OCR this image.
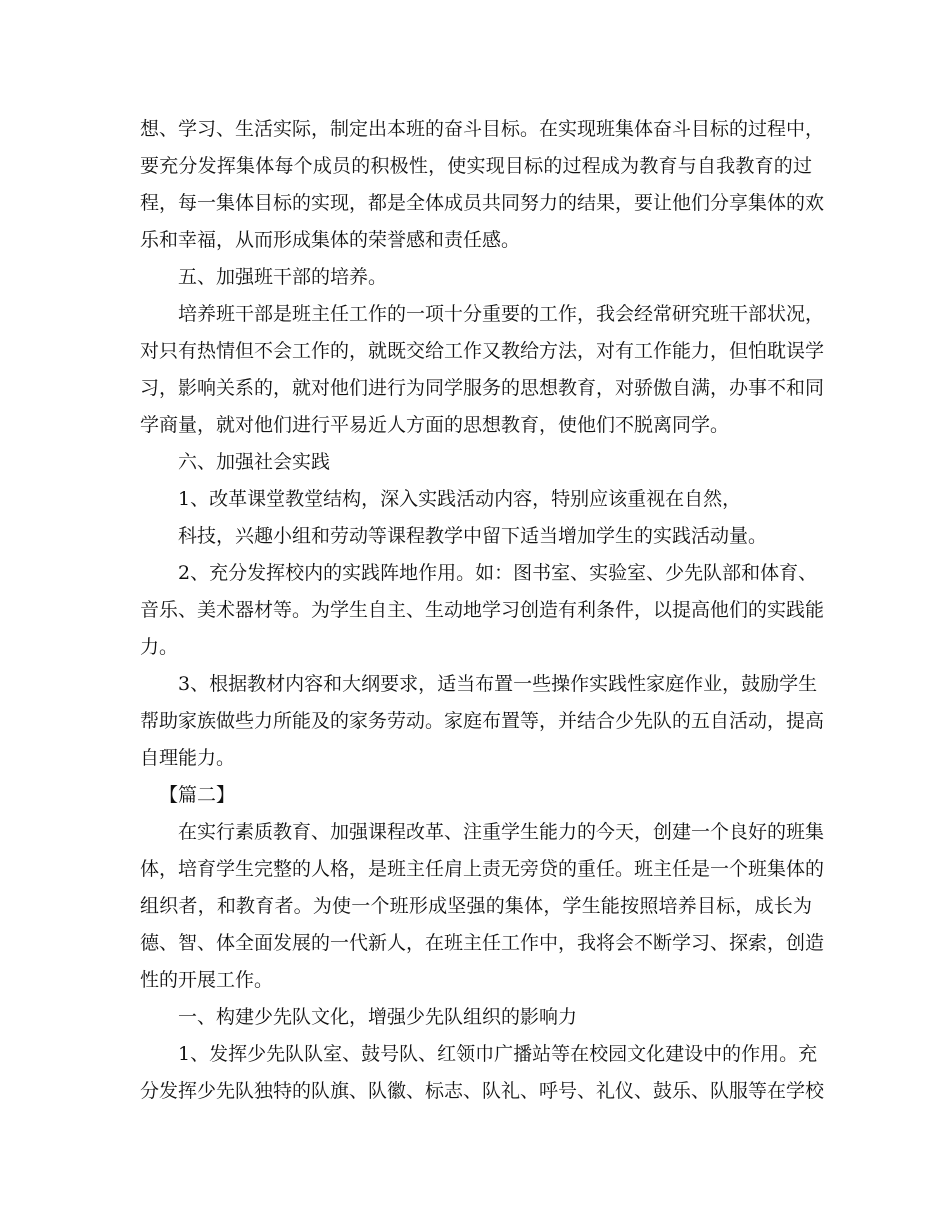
想、学习、生活实际，制定出本班的奋斗目标。在实现班集体奋斗目标的过程中，
要充分发挥集体每个成员的积极性，使实现目标的过程成为教育与自我教育的过
程，每一集体目标的实现，都是全体成员共同努力的结果，要让他们分享集体的欢
乐和幸福，从而形成集体的荣誉感和责任感。

五、加强班干部的培养。

培养班干部是班主任工作的一项十分重要的工作，我会经常研究班干部状况，
对只有热情但不会工作的，就既交给工作又教给方法，对有工作能力，但怕耽误学
习，影响关系的，就对他们进行为同学服务的思想教育，对骄傲自满，办事不和同
学商量，就对他们进行平易近人方面的思想教育，使他们不脱离同学。

六、加强社会实践

1、改革课堂教堂结构，深入实践活动内容，特别应该重视在自然，

科技，兴趣小组和劳动等课程教学中留下适当增加学生的实践活动量。

2、充分发挥校内的实践阵地作用。如：图书室、实验室、少先队部和体育、
音乐、美术器材等。为学生自主、生动地学习创造有利条件，以提高他们的实践能
力。

3、根据教材内容和大纲要求，适当布置一些操作实践性家庭作业，鼓励学生
帮助家族做些力所能及的家务劳动。家庭布置等，并结合少先队的五自活动，提高
自理能力。

【篇二】

在实行素质教育、加强课程改革、注重学生能力的今天，创建一个良好的班集
体，培育学生完整的人格，是班主任肩上责无旁贷的重任。班主任是一个班集体的
组织者，和教育者。为使一个班形成坚强的集体，学生能按照培养目标，成长为
德、智、体全面发展的一代新人，在班主任工作中，我将会不断学习、探索，创造
性的开展工作。

一、构建少先队文化，增强少先队组织的影响力

1、发挥少先队队室、鼓号队、红领巾广播站等在校园文化建设中的作用。充
分发挥少先队独特的队旗、队徽、标志、队礼、呼号、礼仪、鼓乐、队服等在学校
